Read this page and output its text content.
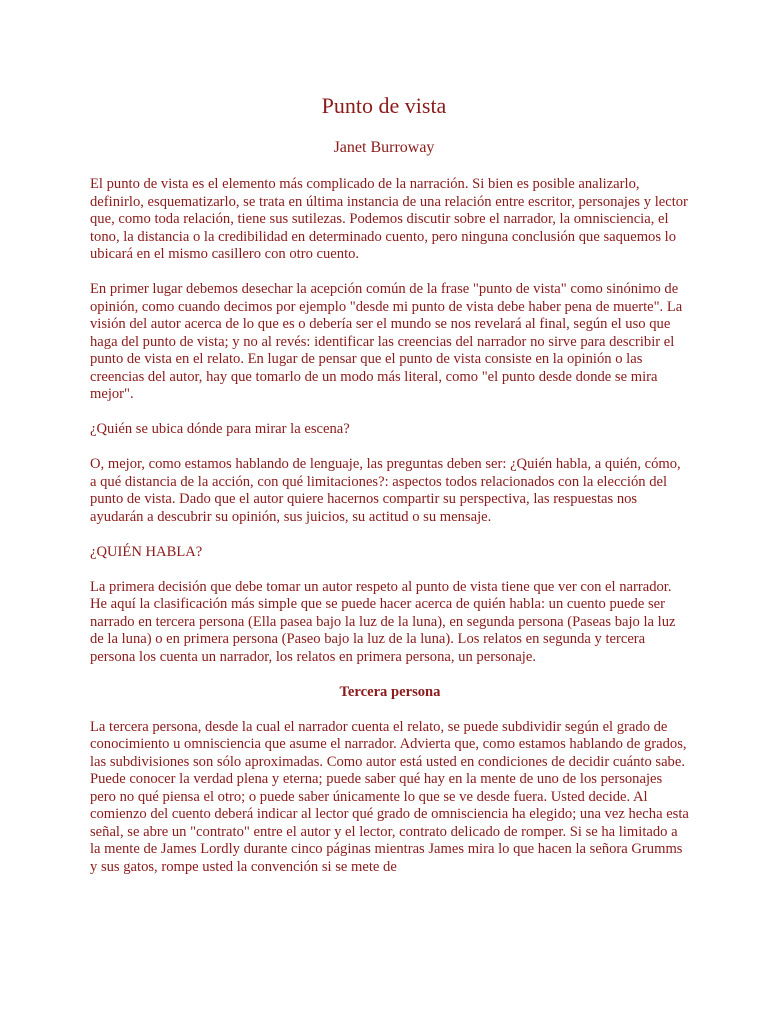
Punto de vista
Janet Burroway

El punto de vista es el elemento más complicado de la narración. Si bien es posible analizarlo, definirlo, esquematizarlo, se trata en última instancia de una relación entre escritor, personajes y lector que, como toda relación, tiene sus sutilezas. Podemos discutir sobre el narrador, la omnisciencia, el tono, la distancia o la credibilidad en determinado cuento, pero ninguna conclusión que saquemos lo ubicará en el mismo casillero con otro cuento.

En primer lugar debemos desechar la acepción común de la frase "punto de vista" como sinónimo de opinión, como cuando decimos por ejemplo "desde mi punto de vista debe haber pena de muerte". La visión del autor acerca de lo que es o debería ser el mundo se nos revelará al final, según el uso que haga del punto de vista; y no al revés: identificar las creencias del narrador no sirve para describir el punto de vista en el relato. En lugar de pensar que el punto de vista consiste en la opinión o las creencias del autor, hay que tomarlo de un modo más literal, como "el punto desde donde se mira mejor".

¿Quién se ubica dónde para mirar la escena?

O, mejor, como estamos hablando de lenguaje, las preguntas deben ser: ¿Quién habla, a quién, cómo, a qué distancia de la acción, con qué limitaciones?: aspectos todos relacionados con la elección del punto de vista. Dado que el autor quiere hacernos compartir su perspectiva, las respuestas nos ayudarán a descubrir su opinión, sus juicios, su actitud o su mensaje.

¿QUIÉN HABLA?

La primera decisión que debe tomar un autor respeto al punto de vista tiene que ver con el narrador. He aquí la clasificación más simple que se puede hacer acerca de quién habla: un cuento puede ser narrado en tercera persona (Ella pasea bajo la luz de la luna), en segunda persona (Paseas bajo la luz de la luna) o en primera persona (Paseo bajo la luz de la luna). Los relatos en segunda y tercera persona los cuenta un narrador, los relatos en primera persona, un personaje.

Tercera persona

La tercera persona, desde la cual el narrador cuenta el relato, se puede subdividir según el grado de conocimiento u omnisciencia que asume el narrador. Advierta que, como estamos hablando de grados, las subdivisiones son sólo aproximadas. Como autor está usted en condiciones de decidir cuánto sabe. Puede conocer la verdad plena y eterna; puede saber qué hay en la mente de uno de los personajes pero no qué piensa el otro; o puede saber únicamente lo que se ve desde fuera. Usted decide. Al comienzo del cuento deberá indicar al lector qué grado de omnisciencia ha elegido; una vez hecha esta señal, se abre un "contrato" entre el autor y el lector, contrato delicado de romper. Si se ha limitado a la mente de James Lordly durante cinco páginas mientras James mira lo que hacen la señora Grumms y sus gatos, rompe usted la convención si se mete de
